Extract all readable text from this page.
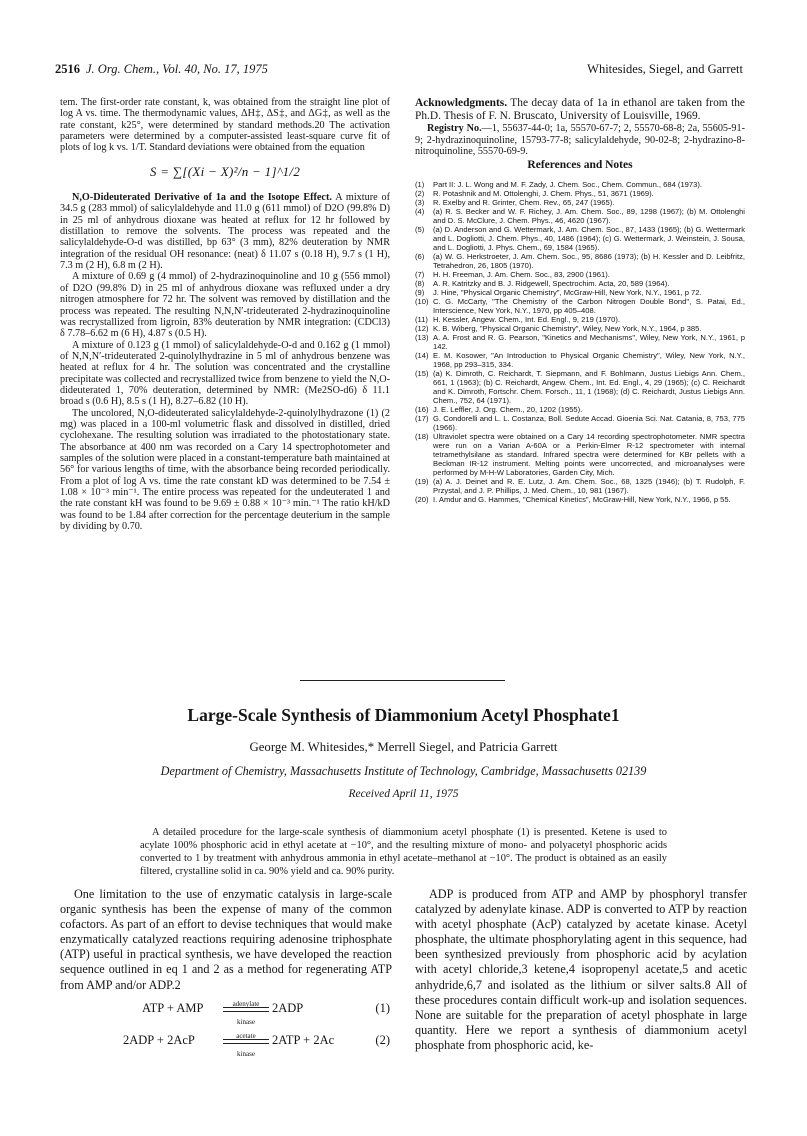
2516 J. Org. Chem., Vol. 40, No. 17, 1975	Whitesides, Siegel, and Garrett

tem. The first-order rate constant, k, was obtained from the straight line plot of log A vs. time. The thermodynamic values, ΔH‡, ΔS‡, and ΔG‡, as well as the rate constant, k25°, were determined by standard methods.20 The activation parameters were determined by a computer-assisted least-square curve fit of plots of log k vs. 1/T. Standard deviations were obtained from the equation

S = ∑[(Xi − X)²/n − 1]^1/2

N,O-Dideuterated Derivative of 1a and the Isotope Effect. A mixture of 34.5 g (283 mmol) of salicylaldehyde and 11.0 g (611 mmol) of D2O (99.8% D) in 25 ml of anhydrous dioxane was heated at reflux for 12 hr followed by distillation to remove the solvents. The process was repeated and the salicylaldehyde-O-d was distilled, bp 63° (3 mm), 82% deuteration by NMR integration of the residual OH resonance: (neat) δ 11.07 s (0.18 H), 9.7 s (1 H), 7.3 m (2 H), 6.8 m (2 H).

A mixture of 0.69 g (4 mmol) of 2-hydrazinoquinoline and 10 g (556 mmol) of D2O (99.8% D) in 25 ml of anhydrous dioxane was refluxed under a dry nitrogen atmosphere for 72 hr. The solvent was removed by distillation and the process was repeated. The resulting N,N,N′-trideuterated 2-hydrazinoquinoline was recrystallized from ligroin, 83% deuteration by NMR integration: (CDCl3) δ 7.78–6.62 m (6 H), 4.87 s (0.5 H).

A mixture of 0.123 g (1 mmol) of salicylaldehyde-O-d and 0.162 g (1 mmol) of N,N,N′-trideuterated 2-quinolylhydrazine in 5 ml of anhydrous benzene was heated at reflux for 4 hr. The solution was concentrated and the crystalline precipitate was collected and recrystallized twice from benzene to yield the N,O-dideuterated 1, 70% deuteration, determined by NMR: (Me2SO-d6) δ 11.1 broad s (0.6 H), 8.5 s (1 H), 8.27–6.82 (10 H).

The uncolored, N,O-dideuterated salicylaldehyde-2-quinolylhydrazone (1) (2 mg) was placed in a 100-ml volumetric flask and dissolved in distilled, dried cyclohexane. The resulting solution was irradiated to the photostationary state. The absorbance at 400 nm was recorded on a Cary 14 spectrophotometer and samples of the solution were placed in a constant-temperature bath maintained at 56° for various lengths of time, with the absorbance being recorded periodically. From a plot of log A vs. time the rate constant kD was determined to be 7.54 ± 1.08 × 10⁻³ min⁻¹. The entire process was repeated for the undeuterated 1 and the rate constant kH was found to be 9.69 ± 0.88 × 10⁻³ min.⁻¹ The ratio kH/kD was found to be 1.84 after correction for the percentage deuterium in the sample by dividing by 0.70.

Acknowledgments. The decay data of 1a in ethanol are taken from the Ph.D. Thesis of F. N. Bruscato, University of Louisville, 1969.

Registry No.—1, 55637-44-0; 1a, 55570-67-7; 2, 55570-68-8; 2a, 55605-91-9; 2-hydrazinoquinoline, 15793-77-8; salicylaldehyde, 90-02-8; 2-hydrazino-8-nitroquinoline, 55570-69-9.

References and Notes
(1)	Part II: J. L. Wong and M. F. Zady, J. Chem. Soc., Chem. Commun., 684 (1973).
(2)	R. Potashnik and M. Ottolenghi, J. Chem. Phys., 51, 3671 (1969).
(3)	R. Exelby and R. Grinter, Chem. Rev., 65, 247 (1965).
(4)	(a) R. S. Becker and W. F. Richey, J. Am. Chem. Soc., 89, 1298 (1967); (b) M. Ottolenghi and D. S. McClure, J. Chem. Phys., 46, 4620 (1967).
(5)	(a) D. Anderson and G. Wettermark, J. Am. Chem. Soc., 87, 1433 (1965); (b) G. Wettermark and L. Dogliotti, J. Chem. Phys., 40, 1486 (1964); (c) G. Wettermark, J. Weinstein, J. Sousa, and L. Dogliotti, J. Phys. Chem., 69, 1584 (1965).
(6)	(a) W. G. Herkstroeter, J. Am. Chem. Soc., 95, 8686 (1973); (b) H. Kessler and D. Leibfritz, Tetrahedron, 26, 1805 (1970).
(7)	H. H. Freeman, J. Am. Chem. Soc., 83, 2900 (1961).
(8)	A. R. Katritzky and B. J. Ridgewell, Spectrochim. Acta, 20, 589 (1964).
(9)	J. Hine, "Physical Organic Chemistry", McGraw-Hill, New York, N.Y., 1961, p 72.
(10) C. G. McCarty, "The Chemistry of the Carbon Nitrogen Double Bond", S. Patai, Ed., Interscience, New York, N.Y., 1970, pp 405–408.
(11) H. Kessler, Angew. Chem., Int. Ed. Engl., 9, 219 (1970).
(12) K. B. Wiberg, "Physical Organic Chemistry", Wiley, New York, N.Y., 1964, p 385.
(13) A. A. Frost and R. G. Pearson, "Kinetics and Mechanisms", Wiley, New York, N.Y., 1961, p 142.
(14) E. M. Kosower, "An Introduction to Physical Organic Chemistry", Wiley, New York, N.Y., 1968, pp 293–315, 334.
(15) (a) K. Dimroth, C. Reichardt, T. Siepmann, and F. Bohlmann, Justus Liebigs Ann. Chem., 661, 1 (1963); (b) C. Reichardt, Angew. Chem., Int. Ed. Engl., 4, 29 (1965); (c) C. Reichardt and K. Dimroth, Fortschr. Chem. Forsch., 11, 1 (1968); (d) C. Reichardt, Justus Liebigs Ann. Chem., 752, 64 (1971).
(16) J. E. Leffler, J. Org. Chem., 20, 1202 (1955).
(17) G. Condorelli and L. L. Costanza, Boll. Sedute Accad. Gioenia Sci. Nat. Catania, 8, 753, 775 (1966).
(18) Ultraviolet spectra were obtained on a Cary 14 recording spectrophotometer. NMR spectra were run on a Varian A-60A or a Perkin-Elmer R-12 spectrometer with internal tetramethylsilane as standard. Infrared spectra were determined for KBr pellets with a Beckman IR-12 instrument. Melting points were uncorrected, and microanalyses were performed by M-H-W Laboratories, Garden City, Mich.
(19) (a) A. J. Deinet and R. E. Lutz, J. Am. Chem. Soc., 68, 1325 (1946); (b) T. Rudolph, F. Przystal, and J. P. Phillips, J. Med. Chem., 10, 981 (1967).
(20) I. Amdur and G. Hammes, "Chemical Kinetics", McGraw-Hill, New York, N.Y., 1966, p 55.
Large-Scale Synthesis of Diammonium Acetyl Phosphate1
George M. Whitesides,* Merrell Siegel, and Patricia Garrett
Department of Chemistry, Massachusetts Institute of Technology, Cambridge, Massachusetts 02139
Received April 11, 1975
A detailed procedure for the large-scale synthesis of diammonium acetyl phosphate (1) is presented. Ketene is used to acylate 100% phosphoric acid in ethyl acetate at −10°, and the resulting mixture of mono- and polyacetyl phosphoric acids converted to 1 by treatment with anhydrous ammonia in ethyl acetate–methanol at −10°. The product is obtained as an easily filtered, crystalline solid in ca. 90% yield and ca. 90% purity.

One limitation to the use of enzymatic catalysis in large-scale organic synthesis has been the expense of many of the common cofactors. As part of an effort to devise techniques that would make enzymatically catalyzed reactions requiring adenosine triphosphate (ATP) useful in practical synthesis, we have developed the reaction sequence outlined in eq 1 and 2 as a method for regenerating ATP from AMP and/or ADP.2

ATP + AMP	adenylate
kinase
2ADP	(1)
2ADP + 2AcP	acetate
kinase
2ATP + 2Ac	(2)

ADP is produced from ATP and AMP by phosphoryl transfer catalyzed by adenylate kinase. ADP is converted to ATP by reaction with acetyl phosphate (AcP) catalyzed by acetate kinase. Acetyl phosphate, the ultimate phosphorylating agent in this sequence, had been synthesized previously from phosphoric acid by acylation with acetyl chloride,3 ketene,4 isopropenyl acetate,5 and acetic anhydride,6,7 and isolated as the lithium or silver salts.8 All of these procedures contain difficult work-up and isolation sequences. None are suitable for the preparation of acetyl phosphate in large quantity. Here we report a synthesis of diammonium acetyl phosphate from phosphoric acid, ke-
